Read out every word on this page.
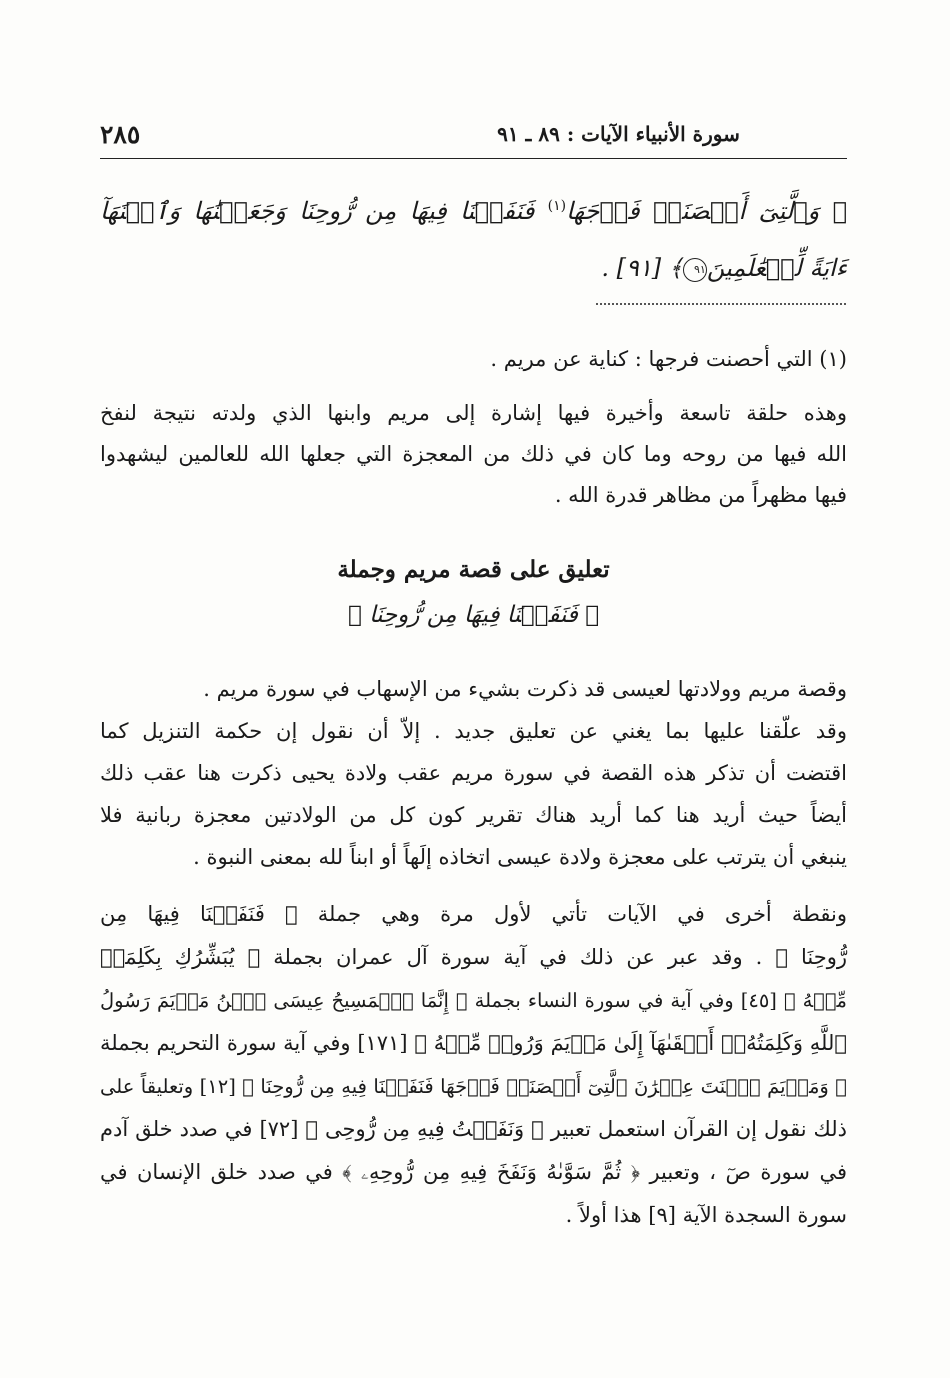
٢٨٥	سورة الأنبياء الآيات : ٨٩ ـ ٩١
﴿ وَٱلَّتِىٓ أَحۡصَنَتۡ فَرۡجَهَا$^{(١)}$ فَنَفَخۡنَا فِيهَا مِن رُّوحِنَا وَجَعَلۡنَٰهَا وَٱبۡنَهَآ
ءَايَةً لِّلۡعَٰلَمِينَ٩١﴾ [٩١] .
(١) التي أحصنت فرجها : كناية عن مريم .
وهذه حلقة تاسعة وأخيرة فيها إشارة إلى مريم وابنها الذي ولدته نتيجة لنفخ
الله فيها من روحه وما كان في ذلك من المعجزة التي جعلها الله للعالمين ليشهدوا
فيها مظهراً من مظاهر قدرة الله .
تعليق على قصة مريم وجملة
﴿ فَنَفَخۡنَا فِيهَا مِن رُّوحِنَا ﴾
وقصة مريم وولادتها لعيسى قد ذكرت بشيء من الإسهاب في سورة مريم .
وقد علّقنا عليها بما يغني عن تعليق جديد . إلاّ أن نقول إن حكمة التنزيل كما
اقتضت أن تذكر هذه القصة في سورة مريم عقب ولادة يحيى ذكرت هنا عقب ذلك
أيضاً حيث أريد هنا كما أريد هناك تقرير كون كل من الولادتين معجزة ربانية فلا
ينبغي أن يترتب على معجزة ولادة عيسى اتخاذه إلَهاً أو ابناً لله بمعنى النبوة .
ونقطة أخرى في الآيات تأتي لأول مرة وهي جملة ﴿ فَنَفَخۡنَا فِيهَا مِن
رُّوحِنَا ﴾ . وقد عبر عن ذلك في آية سورة آل عمران بجملة ﴿ يُبَشِّرُكِ بِكَلِمَةٖ
مِّنۡهُ ﴾ [٤٥] وفي آية في سورة النساء بجملة ﴿ إِنَّمَا ٱلۡمَسِيحُ عِيسَى ٱبۡنُ مَرۡيَمَ رَسُولُ
ٱللَّهِ وَكَلِمَتُهُۥٓ أَلۡقَىٰهَآ إِلَىٰ مَرۡيَمَ وَرُوحٞ مِّنۡهُ ﴾ [١٧١] وفي آية سورة التحريم بجملة
﴿ وَمَرۡيَمَ ٱبۡنَتَ عِمۡرَٰنَ ٱلَّتِىٓ أَحۡصَنَتۡ فَرۡجَهَا فَنَفَخۡنَا فِيهِ مِن رُّوحِنَا ﴾ [١٢] وتعليقاً على
ذلك نقول إن القرآن استعمل تعبير ﴿ وَنَفَخۡتُ فِيهِ مِن رُّوحِى ﴾ [٧٢] في صدد خلق آدم
في سورة صٓ ، وتعبير ﴿ ثُمَّ سَوَّىٰهُ وَنَفَخَ فِيهِ مِن رُّوحِهِۦ ﴾ في صدد خلق الإنسان في
سورة السجدة الآية [٩] هذا أولاً .
